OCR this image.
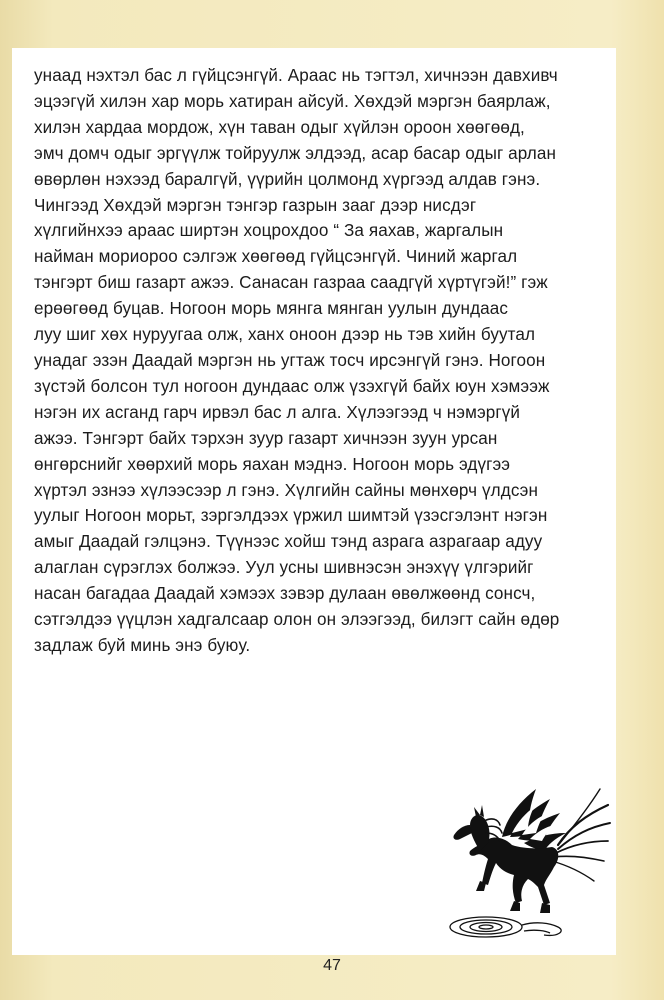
унаад нэхтэл бас л гүйцсэнгүй. Араас нь тэгтэл, хичнээн давхивч эцээгүй хилэн хар морь хатиран айсуй. Хөхдэй мэргэн баярлаж, хилэн хардаа мордож, хүн таван одыг хүйлэн ороон хөөгөөд, эмч домч одыг эргүүлж тойруулж элдээд, асар басар одыг арлан өвөрлөн нэхээд баралгүй, үүрийн цолмонд хүргээд алдав гэнэ. Чингээд Хөхдэй мэргэн тэнгэр газрын зааг дээр нисдэг хүлгийнхээ араас ширтэн хоцрохдоо “ За яахав, жаргалын найман мориороо сэлгэж хөөгөөд гүйцсэнгүй. Чиний жаргал тэнгэрт биш газарт ажээ. Санасан газраа саадгүй хүртүгэй!” гэж ерөөгөөд буцав. Ногоон морь мянга мянган уулын дундаас луу шиг хөх нуруугаа олж, ханх оноон дээр нь тэв хийн буутал унадаг эзэн Даадай мэргэн нь угтаж тосч ирсэнгүй гэнэ. Ногоон зүстэй болсон тул ногоон дундаас олж үзэхгүй байх юун хэмээж нэгэн их асганд гарч ирвэл бас л алга. Хүлээгээд ч нэмэргүй ажээ. Тэнгэрт байх тэрхэн зуур газарт хичнээн зуун урсан өнгөрснийг хөөрхий морь яахан мэднэ. Ногоон морь эдүгээ хүртэл эзнээ хүлээсээр л гэнэ. Хүлгийн сайны мөнхөрч үлдсэн уулыг Ногоон морьт, зэргэлдээх үржил шимтэй үзэсгэлэнт нэгэн амыг Даадай гэлцэнэ. Түүнээс хойш тэнд азрага азрагаар адуу алаглан сүрэглэх болжээ. Уул усны шивнэсэн энэхүү үлгэрийг насан багадаа Даадай хэмээх зэвэр дулаан өвөлжөөнд сонсч, сэтгэлдээ үүцлэн хадгалсаар олон он элээгээд, билэгт сайн өдөр задлаж буй минь энэ буюу.
47
